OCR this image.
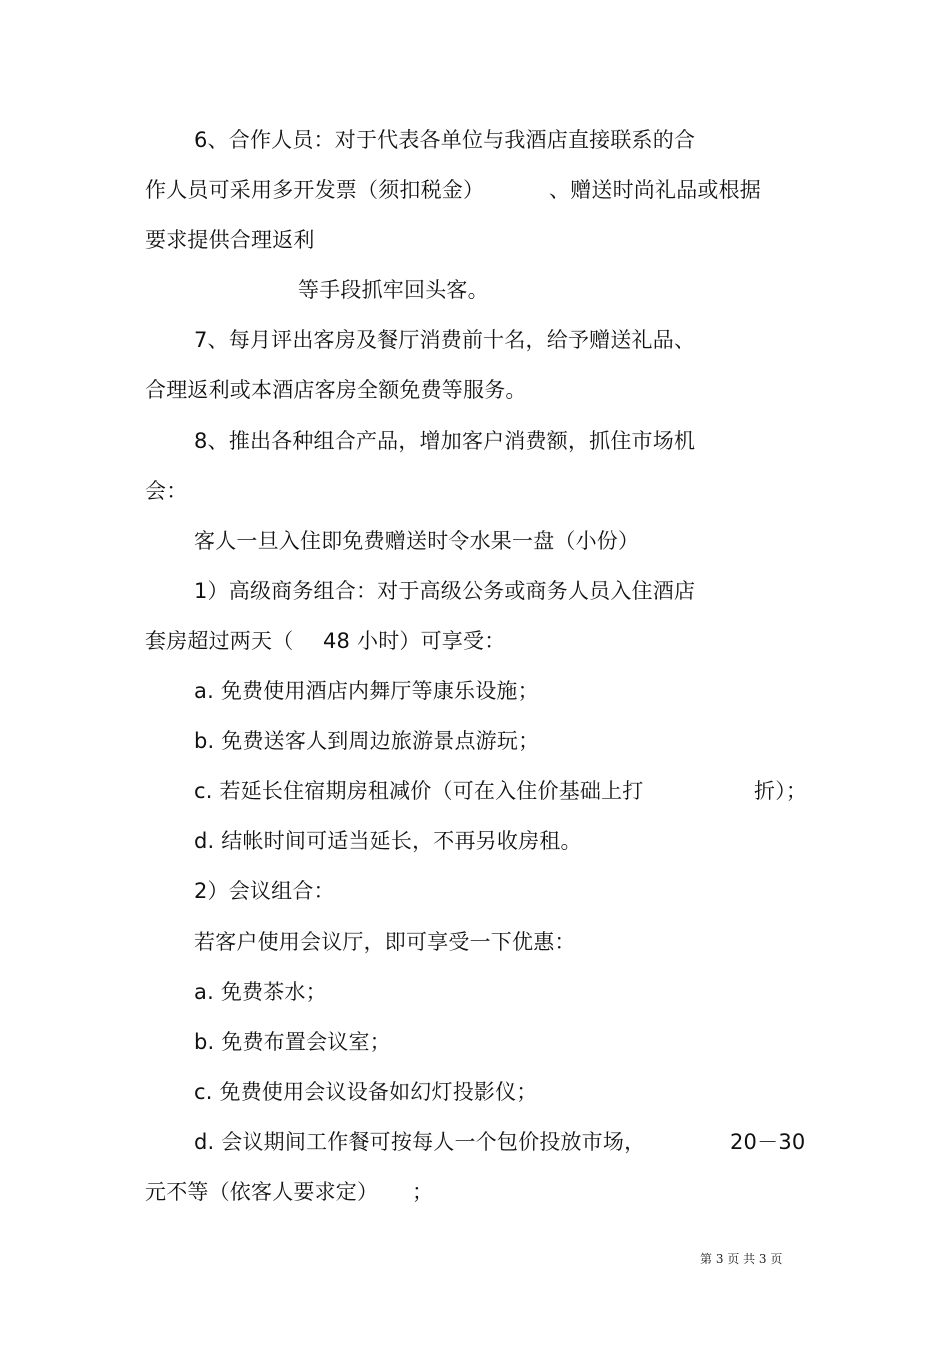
6、合作人员：对于代表各单位与我酒店直接联系的合
作人员可采用多开发票（须扣税金）	、赠送时尚礼品或根据
要求提供合理返利
等手段抓牢回头客。
7、每月评出客房及餐厅消费前十名，给予赠送礼品、
合理返利或本酒店客房全额免费等服务。
8、推出各种组合产品，增加客户消费额，抓住市场机
会：
客人一旦入住即免费赠送时令水果一盘（小份）
1）高级商务组合：对于高级公务或商务人员入住酒店
套房超过两天（ 48 小时）可享受：
a. 免费使用酒店内舞厅等康乐设施；
b. 免费送客人到周边旅游景点游玩；
c. 若延长住宿期房租减价（可在入住价基础上打	折）；
d. 结帐时间可适当延长，不再另收房租。
2）会议组合：
若客户使用会议厅，即可享受一下优惠：
a. 免费茶水；
b. 免费布置会议室；
c. 免费使用会议设备如幻灯投影仪；
d. 会议期间工作餐可按每人一个包价投放市场，	20－30
元不等（依客人要求定） ；
第 3 页 共 3 页
